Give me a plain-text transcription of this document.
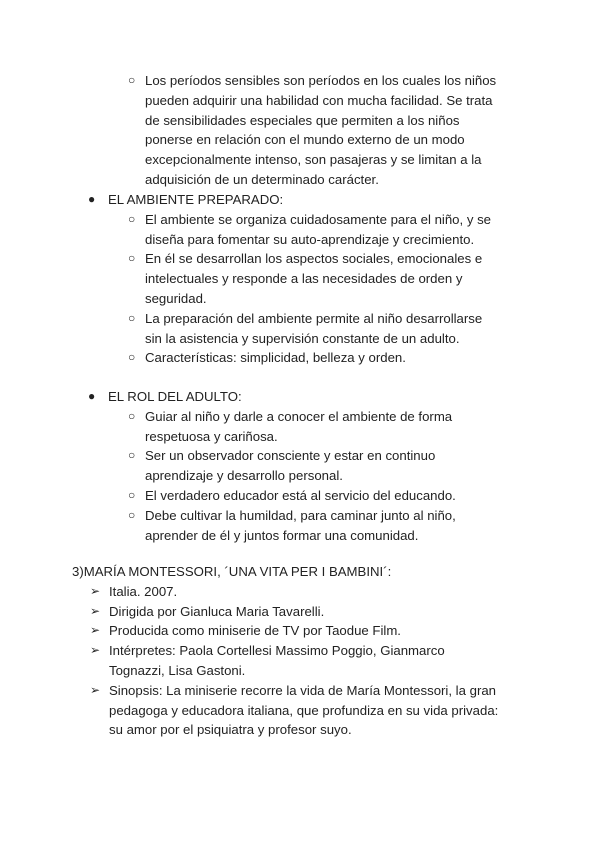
○ Los períodos sensibles son períodos en los cuales los niños
pueden adquirir una habilidad con mucha facilidad. Se trata
de sensibilidades especiales que permiten a los niños
ponerse en relación con el mundo externo de un modo
excepcionalmente intenso, son pasajeras y se limitan a la
adquisición de un determinado carácter.
● EL AMBIENTE PREPARADO:
○ El ambiente se organiza cuidadosamente para el niño, y se
diseña para fomentar su auto-aprendizaje y crecimiento.
○ En él se desarrollan los aspectos sociales, emocionales e
intelectuales y responde a las necesidades de orden y
seguridad.
○ La preparación del ambiente permite al niño desarrollarse
sin la asistencia y supervisión constante de un adulto.
○ Características: simplicidad, belleza y orden.
● EL ROL DEL ADULTO:
○ Guiar al niño y darle a conocer el ambiente de forma
respetuosa y cariñosa.
○ Ser un observador consciente y estar en continuo
aprendizaje y desarrollo personal.
○ El verdadero educador está al servicio del educando.
○ Debe cultivar la humildad, para caminar junto al niño,
aprender de él y juntos formar una comunidad.
3)MARÍA MONTESSORI, ´UNA VITA PER I BAMBINI´:
➢ Italia. 2007.
➢ Dirigida por Gianluca Maria Tavarelli.
➢ Producida como miniserie de TV por Taodue Film.
➢ Intérpretes: Paola Cortellesi Massimo Poggio, Gianmarco
Tognazzi, Lisa Gastoni.
➢ Sinopsis: La miniserie recorre la vida de María Montessori, la gran
pedagoga y educadora italiana, que profundiza en su vida privada:
su amor por el psiquiatra y profesor suyo.
